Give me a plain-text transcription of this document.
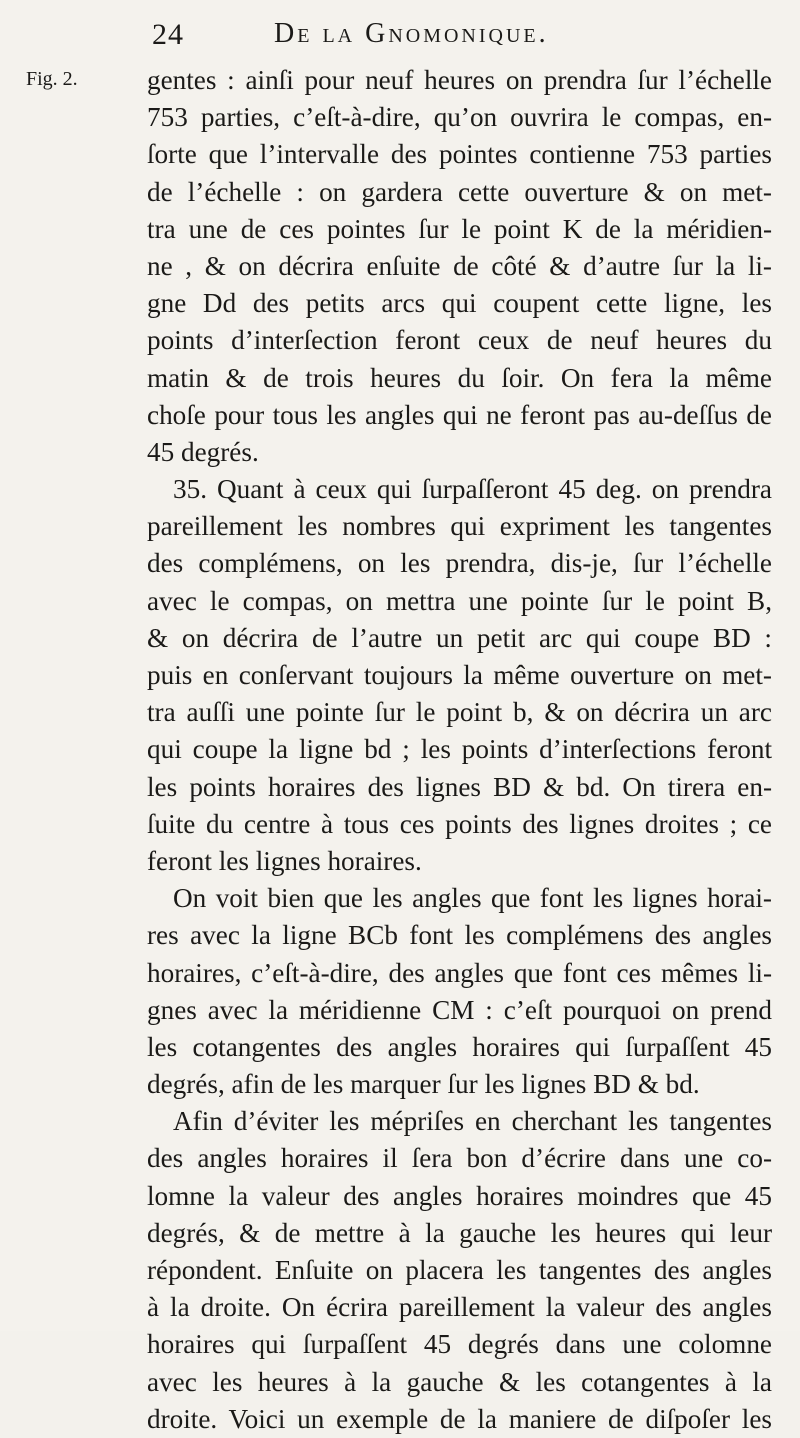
24	De la Gnomonique.
Fig. 2.	gentes : ainſi pour neuf heures on prendra ſur l’échelle
753 parties, c’eſt-à-dire, qu’on ouvrira le compas, en-
ſorte que l’intervalle des pointes contienne 753 parties
de l’échelle : on gardera cette ouverture & on met-
tra une de ces pointes ſur le point K de la méridien-
ne , & on décrira enſuite de côté & d’autre ſur la li-
gne Dd des petits arcs qui coupent cette ligne, les
points d’interſection feront ceux de neuf heures du
matin & de trois heures du ſoir. On fera la même
choſe pour tous les angles qui ne feront pas au-deſſus de
45 degrés.
35. Quant à ceux qui ſurpaſſeront 45 deg. on prendra
pareillement les nombres qui expriment les tangentes
des complémens, on les prendra, dis-je, ſur l’échelle
avec le compas, on mettra une pointe ſur le point B,
& on décrira de l’autre un petit arc qui coupe BD :
puis en conſervant toujours la même ouverture on met-
tra auſſi une pointe ſur le point b, & on décrira un arc
qui coupe la ligne bd ; les points d’interſections feront
les points horaires des lignes BD & bd. On tirera en-
ſuite du centre à tous ces points des lignes droites ; ce
feront les lignes horaires.
On voit bien que les angles que font les lignes horai-
res avec la ligne BCb font les complémens des angles
horaires, c’eſt-à-dire, des angles que font ces mêmes li-
gnes avec la méridienne CM : c’eſt pourquoi on prend
les cotangentes des angles horaires qui ſurpaſſent 45
degrés, afin de les marquer ſur les lignes BD & bd.
Afin d’éviter les mépriſes en cherchant les tangentes
des angles horaires il ſera bon d’écrire dans une co-
lomne la valeur des angles horaires moindres que 45
degrés, & de mettre à la gauche les heures qui leur
répondent. Enſuite on placera les tangentes des angles
à la droite. On écrira pareillement la valeur des angles
horaires qui ſurpaſſent 45 degrés dans une colomne
avec les heures à la gauche & les cotangentes à la
droite. Voici un exemple de la maniere de diſpoſer les
